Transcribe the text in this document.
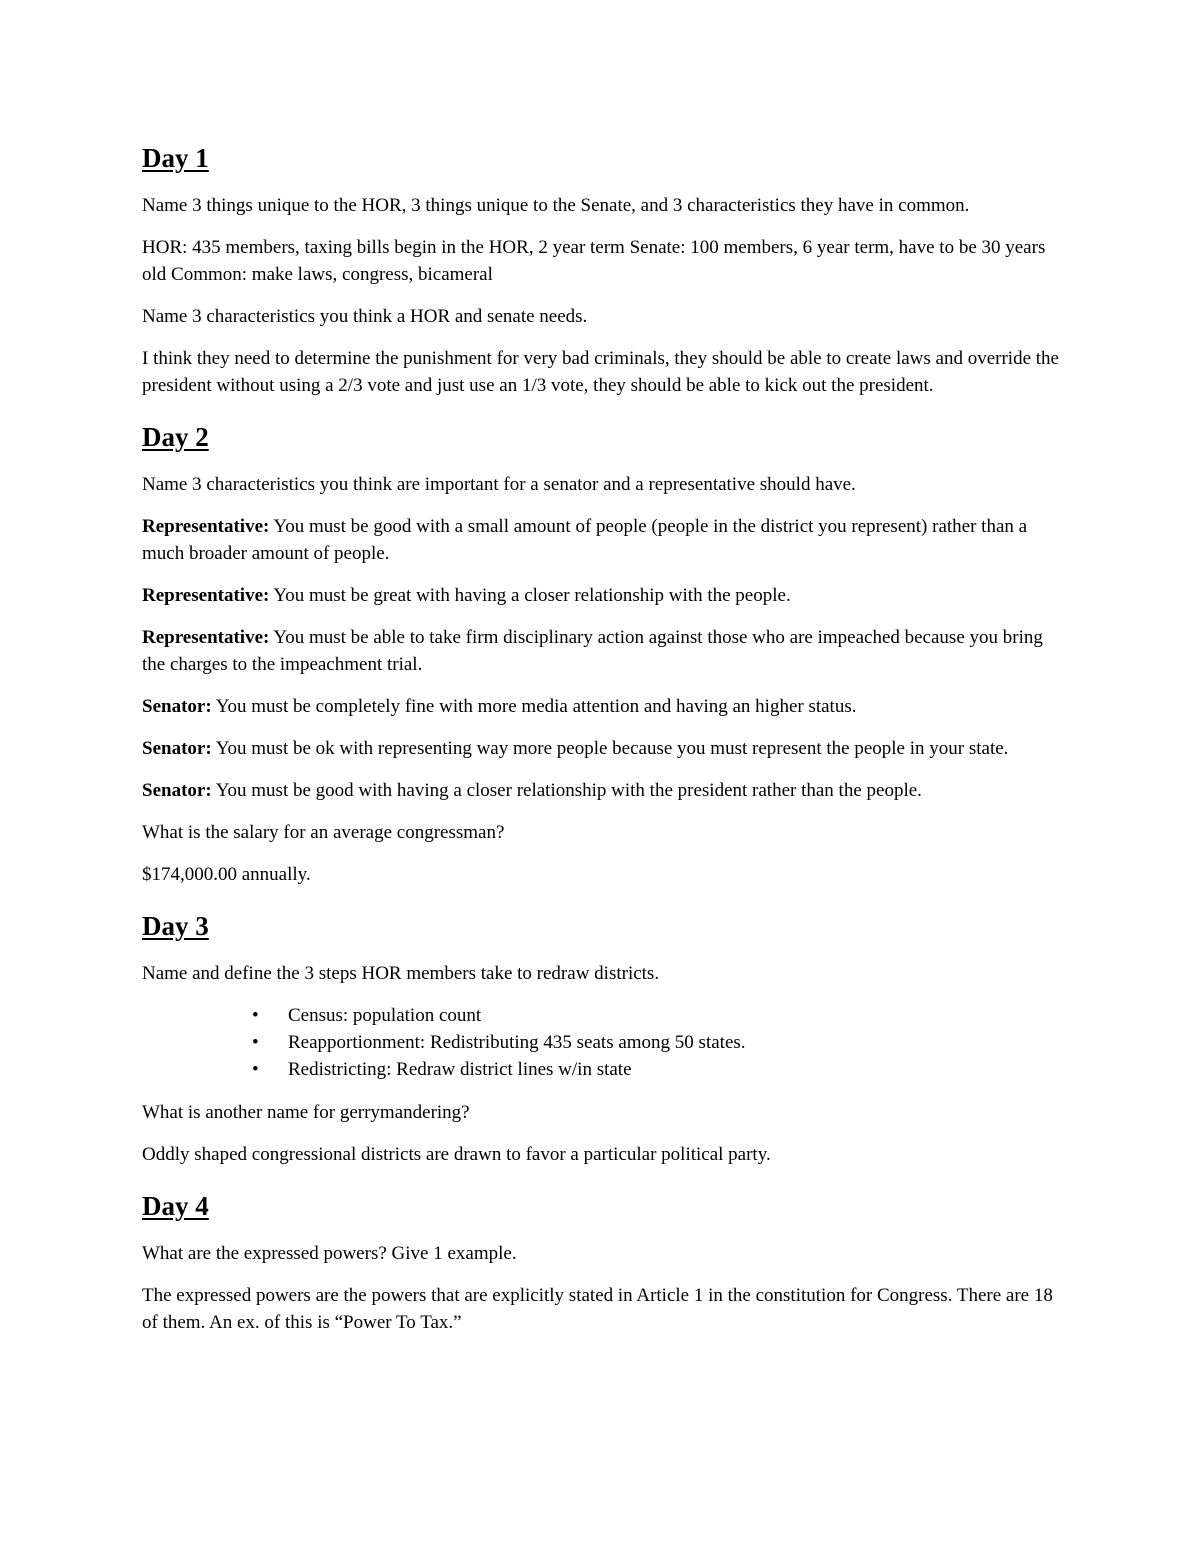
Day 1

Name 3 things unique to the HOR, 3 things unique to the Senate, and 3 characteristics they have in common.

HOR: 435 members, taxing bills begin in the HOR, 2 year term Senate: 100 members, 6 year term, have to be 30 years old Common: make laws, congress, bicameral

Name 3 characteristics you think a HOR and senate needs.

I think they need to determine the punishment for very bad criminals, they should be able to create laws and override the president without using a 2/3 vote and just use an 1/3 vote, they should be able to kick out the president.

Day 2

Name 3 characteristics you think are important for a senator and a representative should have.

Representative: You must be good with a small amount of people (people in the district you represent) rather than a much broader amount of people.

Representative: You must be great with having a closer relationship with the people.

Representative: You must be able to take firm disciplinary action against those who are impeached because you bring the charges to the impeachment trial.

Senator: You must be completely fine with more media attention and having an higher status.

Senator: You must be ok with representing way more people because you must represent the people in your state.

Senator: You must be good with having a closer relationship with the president rather than the people.

What is the salary for an average congressman?

$174,000.00 annually.

Day 3

Name and define the 3 steps HOR members take to redraw districts.

• Census: population count
• Reapportionment: Redistributing 435 seats among 50 states.
• Redistricting: Redraw district lines w/in state

What is another name for gerrymandering?

Oddly shaped congressional districts are drawn to favor a particular political party.

Day 4

What are the expressed powers? Give 1 example.

The expressed powers are the powers that are explicitly stated in Article 1 in the constitution for Congress. There are 18 of them. An ex. of this is “Power To Tax.”
